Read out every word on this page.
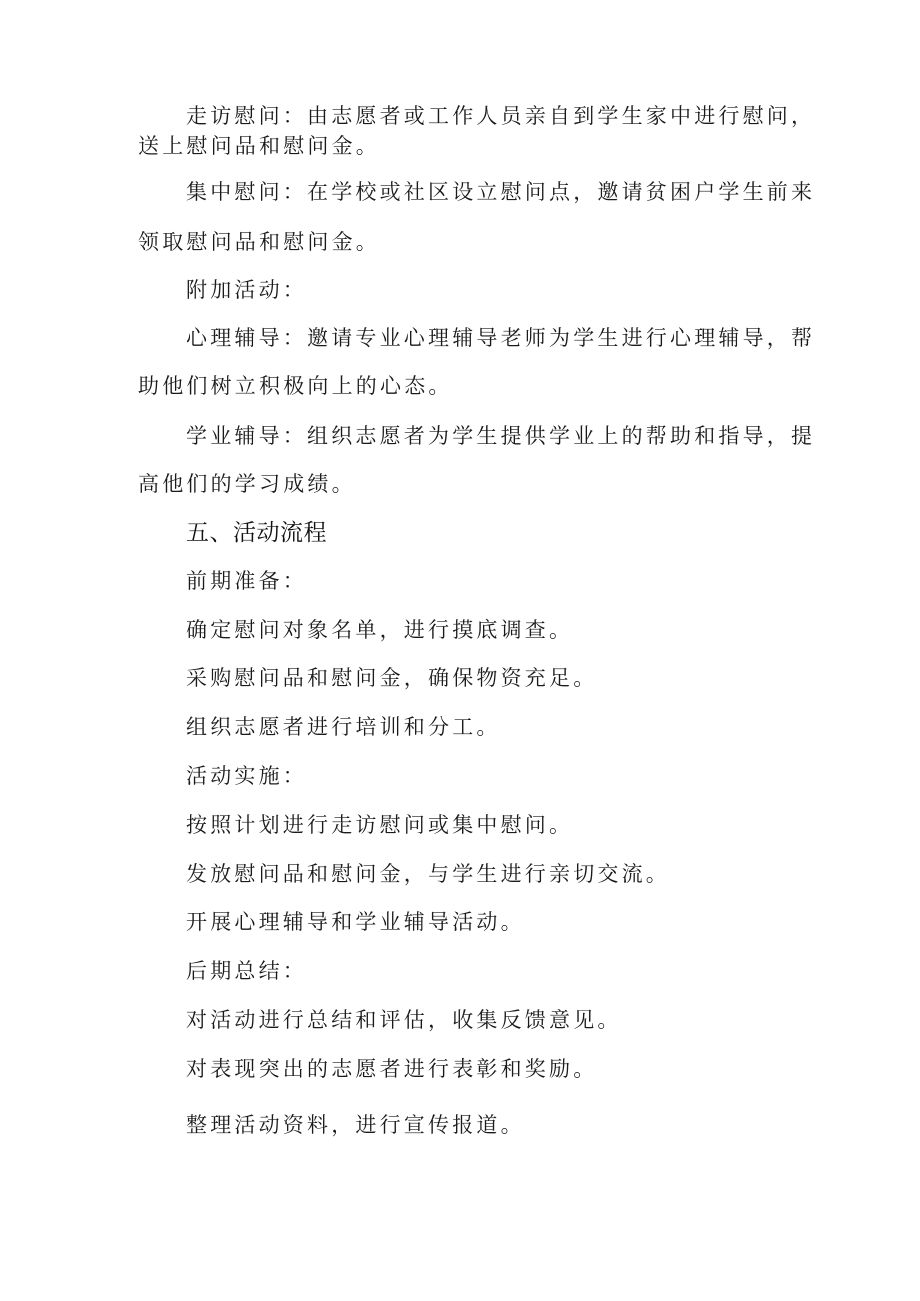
走访慰问：由志愿者或工作人员亲自到学生家中进行慰问，
送上慰问品和慰问金。
集中慰问：在学校或社区设立慰问点，邀请贫困户学生前来
领取慰问品和慰问金。
附加活动：
心理辅导：邀请专业心理辅导老师为学生进行心理辅导，帮
助他们树立积极向上的心态。
学业辅导：组织志愿者为学生提供学业上的帮助和指导，提
高他们的学习成绩。
五、活动流程
前期准备：
确定慰问对象名单，进行摸底调查。
采购慰问品和慰问金，确保物资充足。
组织志愿者进行培训和分工。
活动实施：
按照计划进行走访慰问或集中慰问。
发放慰问品和慰问金，与学生进行亲切交流。
开展心理辅导和学业辅导活动。
后期总结：
对活动进行总结和评估，收集反馈意见。
对表现突出的志愿者进行表彰和奖励。
整理活动资料，进行宣传报道。
